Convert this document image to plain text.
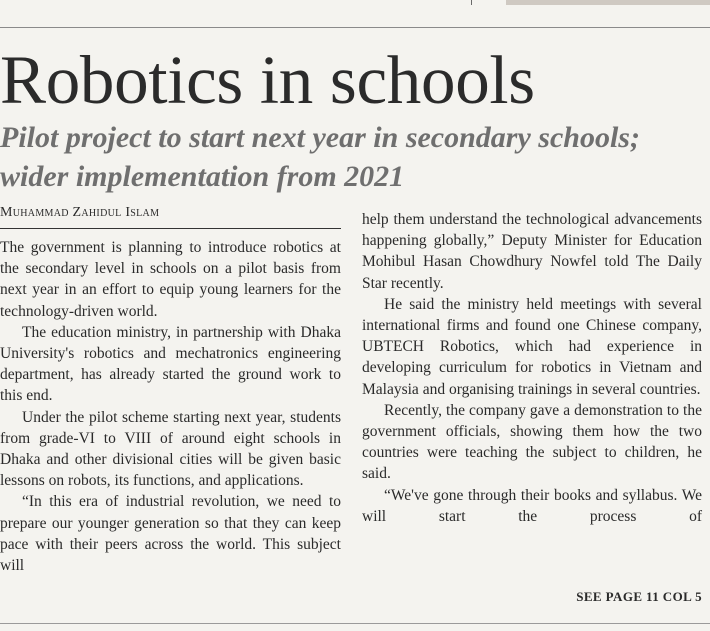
Robotics in schools
Pilot project to start next year in secondary schools; wider implementation from 2021

Muhammad Zahidul Islam

The government is planning to introduce robotics at the secondary level in schools on a pilot basis from next year in an effort to equip young learners for the technology-driven world.

The education ministry, in partnership with Dhaka University's robotics and mechatronics engineering department, has already started the ground work to this end.

Under the pilot scheme starting next year, students from grade-VI to VIII of around eight schools in Dhaka and other divisional cities will be given basic lessons on robots, its functions, and applications.

“In this era of industrial revolution, we need to prepare our younger generation so that they can keep pace with their peers across the world. This subject will

help them understand the technological advancements happening globally,” Deputy Minister for Education Mohibul Hasan Chowdhury Nowfel told The Daily Star recently.

He said the ministry held meetings with several international firms and found one Chinese company, UBTECH Robotics, which had experience in developing curriculum for robotics in Vietnam and Malaysia and organising trainings in several countries.

Recently, the company gave a demonstration to the government officials, showing them how the two countries were teaching the subject to children, he said.

“We've gone through their books and syllabus. We will start the process of

SEE PAGE 11 COL 5
